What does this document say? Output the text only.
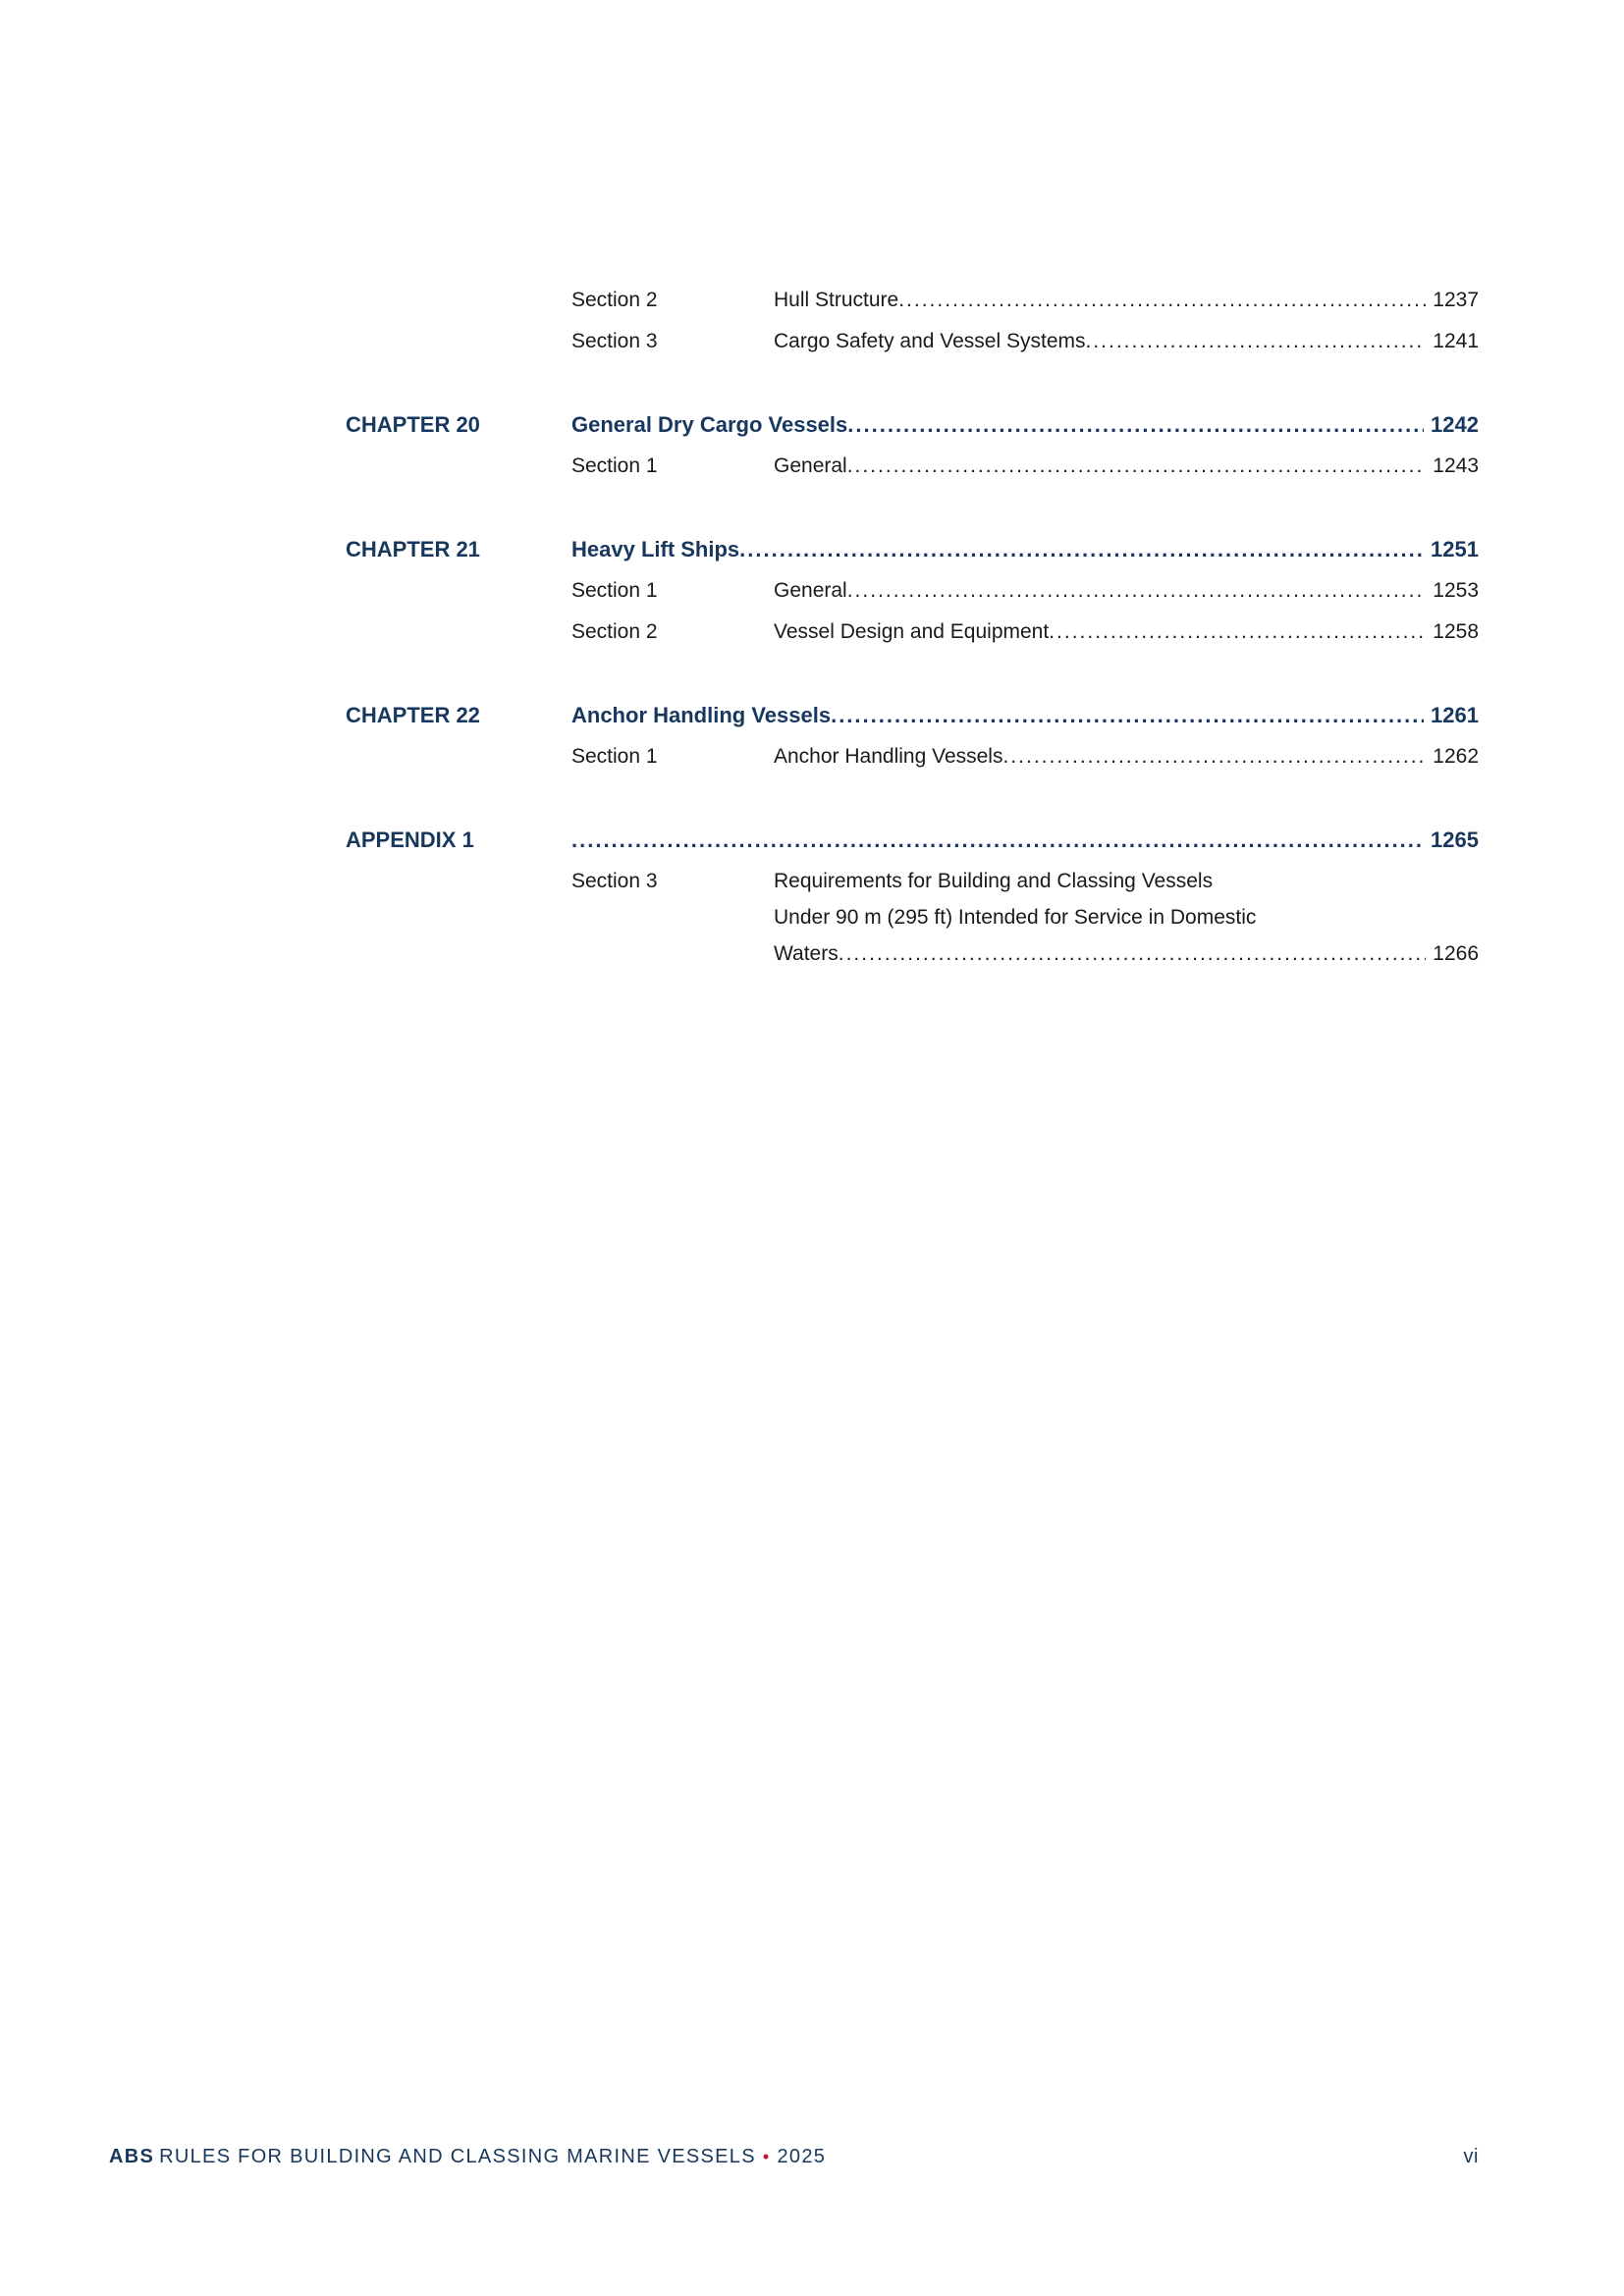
Section 2	Hull Structure .....	1237
Section 3	Cargo Safety and Vessel Systems .....	1241
CHAPTER 20	General Dry Cargo Vessels .....	1242
Section 1	General .....	1243
CHAPTER 21	Heavy Lift Ships .....	1251
Section 1	General .....	1253
Section 2	Vessel Design and Equipment .....	1258
CHAPTER 22	Anchor Handling Vessels .....	1261
Section 1	Anchor Handling Vessels .....	1262
APPENDIX 1 .....	1265
Section 3	Requirements for Building and Classing Vessels
Under 90 m (295 ft) Intended for Service in Domestic
Waters .....	1266
ABS RULES FOR BUILDING AND CLASSING MARINE VESSELS • 2025	vi
